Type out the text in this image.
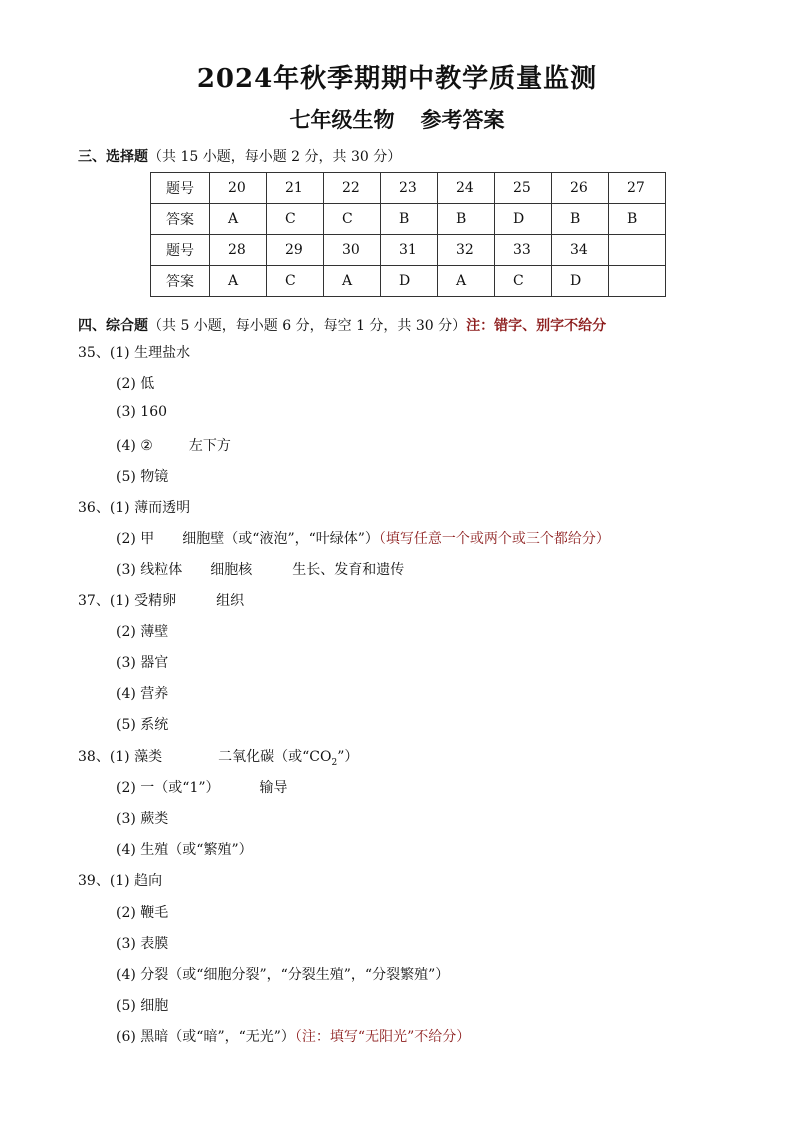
2024年秋季期期中教学质量监测
七年级生物 参考答案
三、选择题（共 15 小题，每小题 2 分，共 30 分）
题号	20	21	22	23	24	25	26	27
答案	A	C	C	B	B	D	B	B
题号	28	29	30	31	32	33	34	
答案	A	C	A	D	A	C	D	
四、综合题（共 5 小题，每小题 6 分，每空 1 分，共 30 分）注：错字、别字不给分
35、(1) 生理盐水
(2) 低
(3) 160
(4) ②	左下方
(5) 物镜
36、(1) 薄而透明
(2) 甲 细胞壁（或“液泡”，“叶绿体”）（填写任意一个或两个或三个都给分）
(3) 线粒体 细胞核	生长、发育和遗传
37、(1) 受精卵	组织
(2) 薄壁
(3) 器官
(4) 营养
(5) 系统
38、(1) 藻类	二氧化碳（或“$CO_2$”）
(2) 一（或“1”）	输导
(3) 蕨类
(4) 生殖（或“繁殖”）
39、(1) 趋向
(2) 鞭毛
(3) 表膜
(4) 分裂（或“细胞分裂”，“分裂生殖”，“分裂繁殖”）
(5) 细胞
(6) 黑暗（或“暗”，“无光”）（注：填写“无阳光”不给分）
